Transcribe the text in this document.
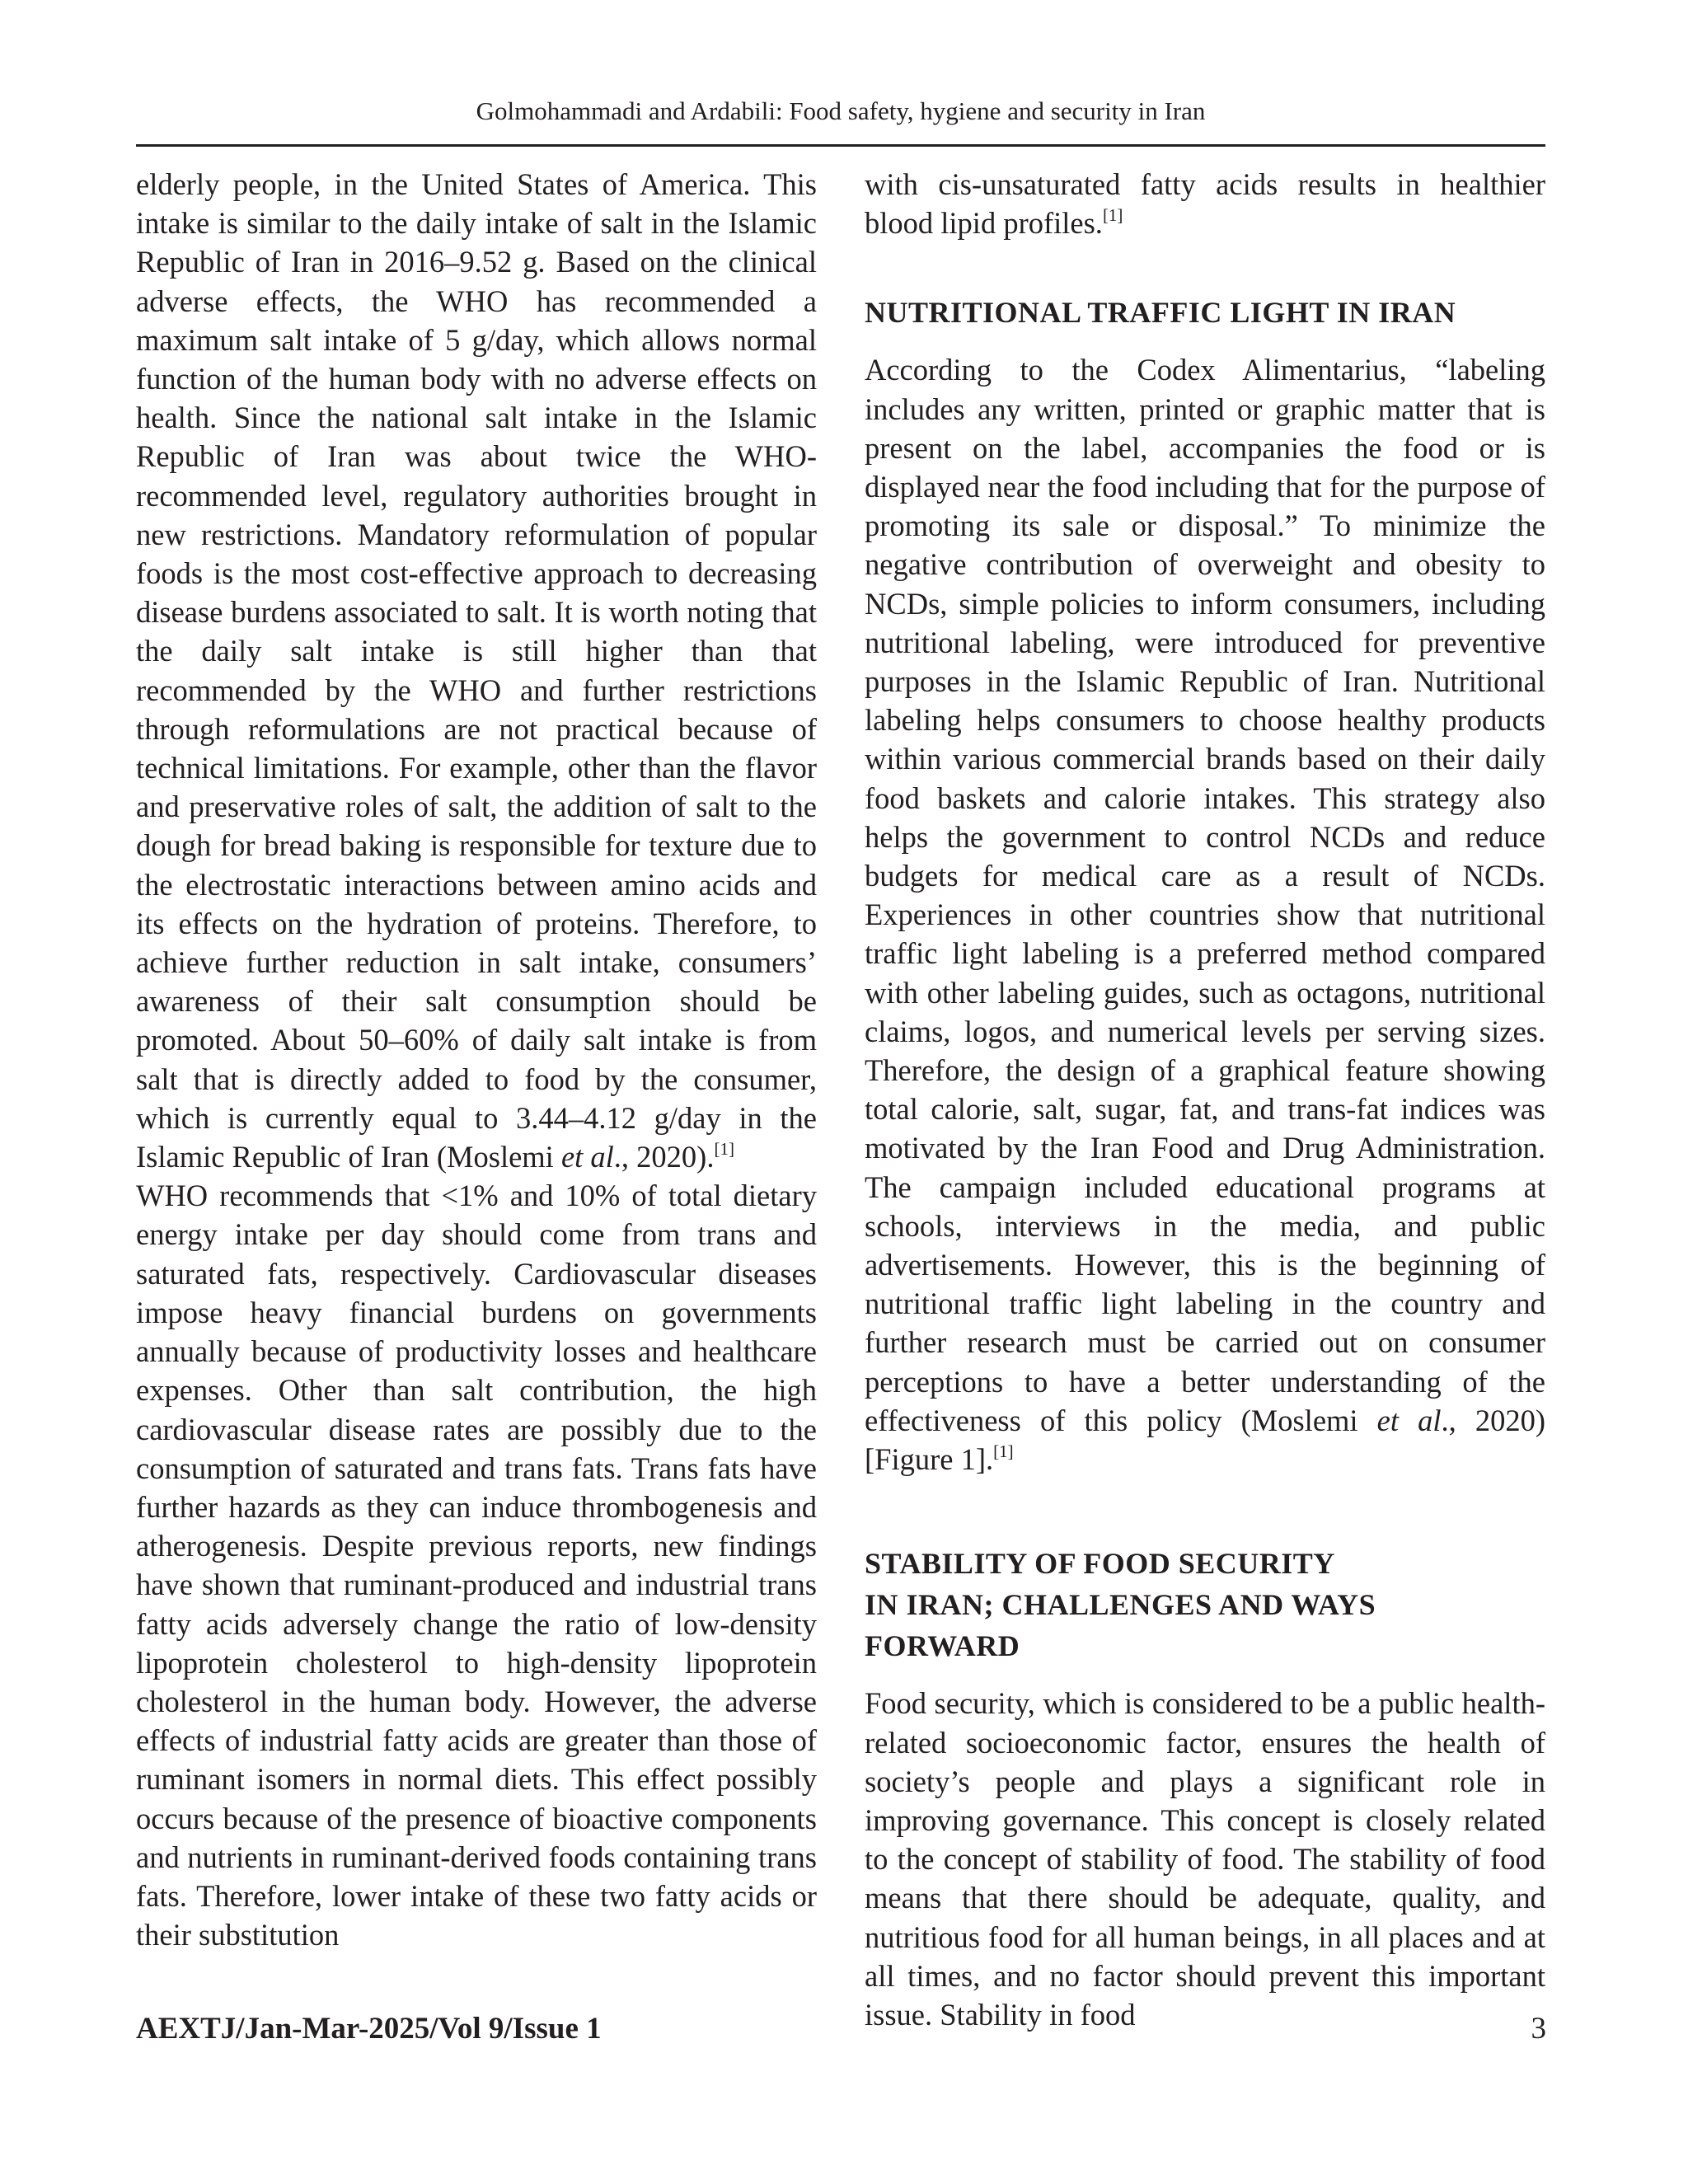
Golmohammadi and Ardabili: Food safety, hygiene and security in Iran

elderly people, in the United States of America. This intake is similar to the daily intake of salt in the Islamic Republic of Iran in 2016–9.52 g. Based on the clinical adverse effects, the WHO has recommended a maximum salt intake of 5 g/day, which allows normal function of the human body with no adverse effects on health. Since the national salt intake in the Islamic Republic of Iran was about twice the WHO-recommended level, regulatory authorities brought in new restrictions. Mandatory reformulation of popular foods is the most cost-effective approach to decreasing disease burdens associated to salt. It is worth noting that the daily salt intake is still higher than that recommended by the WHO and further restrictions through reformulations are not practical because of technical limitations. For example, other than the flavor and preservative roles of salt, the addition of salt to the dough for bread baking is responsible for texture due to the electrostatic interactions between amino acids and its effects on the hydration of proteins. Therefore, to achieve further reduction in salt intake, consumers’ awareness of their salt consumption should be promoted. About 50–60% of daily salt intake is from salt that is directly added to food by the consumer, which is currently equal to 3.44–4.12 g/day in the Islamic Republic of Iran (Moslemi et al., 2020).[1]

WHO recommends that <1% and 10% of total dietary energy intake per day should come from trans and saturated fats, respectively. Cardiovascular diseases impose heavy financial burdens on governments annually because of productivity losses and healthcare expenses. Other than salt contribution, the high cardiovascular disease rates are possibly due to the consumption of saturated and trans fats. Trans fats have further hazards as they can induce thrombogenesis and atherogenesis. Despite previous reports, new findings have shown that ruminant-produced and industrial trans fatty acids adversely change the ratio of low-density lipoprotein cholesterol to high-density lipoprotein cholesterol in the human body. However, the adverse effects of industrial fatty acids are greater than those of ruminant isomers in normal diets. This effect possibly occurs because of the presence of bioactive components and nutrients in ruminant-derived foods containing trans fats. Therefore, lower intake of these two fatty acids or their substitution

with cis-unsaturated fatty acids results in healthier blood lipid profiles.[1]

NUTRITIONAL TRAFFIC LIGHT IN IRAN

According to the Codex Alimentarius, “labeling includes any written, printed or graphic matter that is present on the label, accompanies the food or is displayed near the food including that for the purpose of promoting its sale or disposal.” To minimize the negative contribution of overweight and obesity to NCDs, simple policies to inform consumers, including nutritional labeling, were introduced for preventive purposes in the Islamic Republic of Iran. Nutritional labeling helps consumers to choose healthy products within various commercial brands based on their daily food baskets and calorie intakes. This strategy also helps the government to control NCDs and reduce budgets for medical care as a result of NCDs. Experiences in other countries show that nutritional traffic light labeling is a preferred method compared with other labeling guides, such as octagons, nutritional claims, logos, and numerical levels per serving sizes. Therefore, the design of a graphical feature showing total calorie, salt, sugar, fat, and trans-fat indices was motivated by the Iran Food and Drug Administration. The campaign included educational programs at schools, interviews in the media, and public advertisements. However, this is the beginning of nutritional traffic light labeling in the country and further research must be carried out on consumer perceptions to have a better understanding of the effectiveness of this policy (Moslemi et al., 2020) [Figure 1].[1]

STABILITY OF FOOD SECURITY
IN IRAN; CHALLENGES AND WAYS
FORWARD

Food security, which is considered to be a public health-related socioeconomic factor, ensures the health of society’s people and plays a significant role in improving governance. This concept is closely related to the concept of stability of food. The stability of food means that there should be adequate, quality, and nutritious food for all human beings, in all places and at all times, and no factor should prevent this important issue. Stability in food

AEXTJ/Jan-Mar-2025/Vol 9/Issue 1	3
